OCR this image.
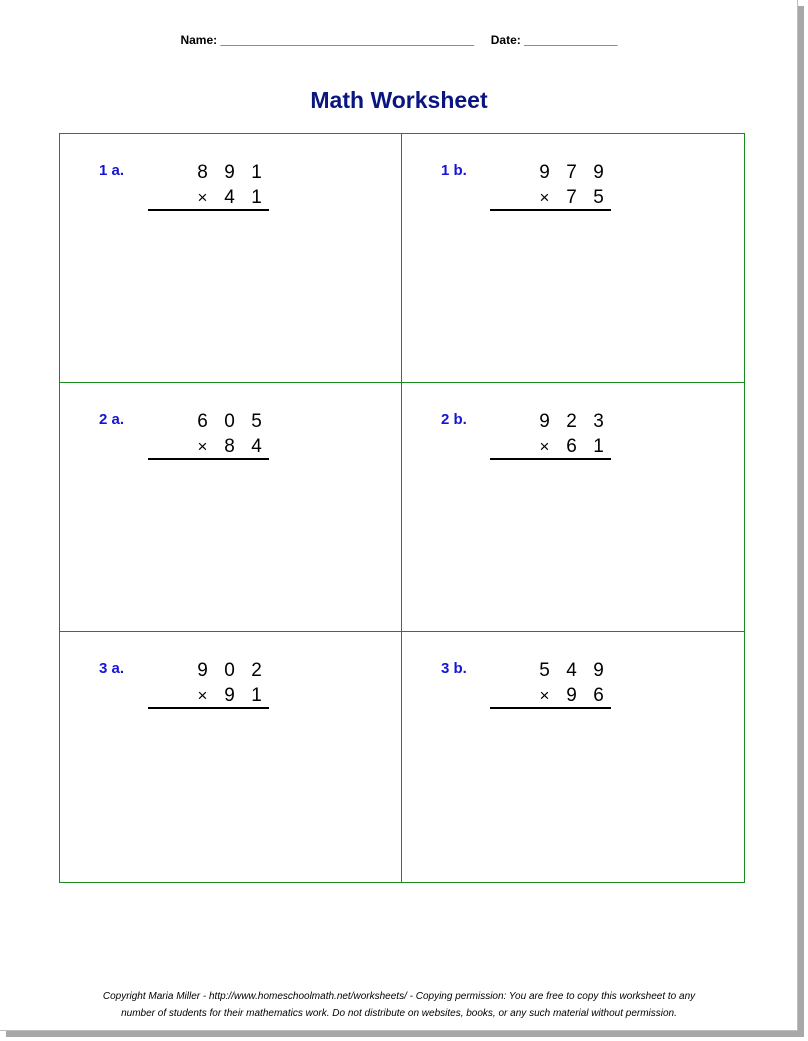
Name: ______________________________________ Date: ______________
Math Worksheet
1 a.	8 9 1
× 4 1
1 b.	9 7 9
× 7 5
2 a.	6 0 5
× 8 4
2 b.	9 2 3
× 6 1
3 a.	9 0 2
× 9 1
3 b.	5 4 9
× 9 6
Copyright Maria Miller - http://www.homeschoolmath.net/worksheets/ - Copying permission: You are free to copy this worksheet to any
number of students for their mathematics work. Do not distribute on websites, books, or any such material without permission.
